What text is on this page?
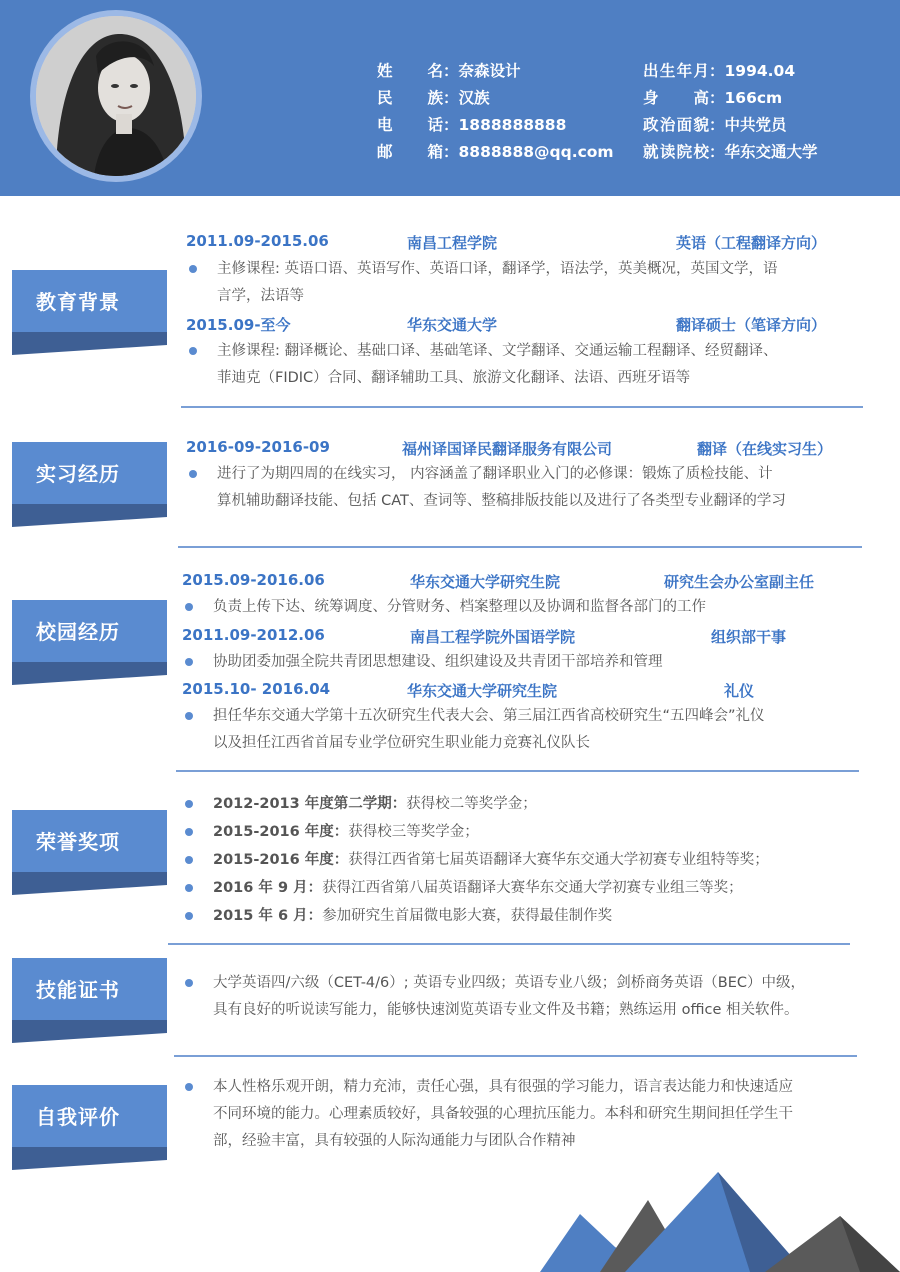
姓名：奈森设计
民族：汉族
电话：1888888888
邮箱：8888888@qq.com
出生年月：1994.04
身高：166cm
政治面貌：中共党员
就读院校：华东交通大学
教育背景
2011.09-2015.06	南昌工程学院	英语（工程翻译方向）
主修课程: 英语口语、英语写作、英语口译，翻译学，语法学，英美概况，英国文学，语
言学，法语等
2015.09-至今	华东交通大学	翻译硕士（笔译方向）
主修课程: 翻译概论、基础口译、基础笔译、文学翻译、交通运输工程翻译、经贸翻译、
菲迪克（FIDIC）合同、翻译辅助工具、旅游文化翻译、法语、西班牙语等
实习经历
2016-09-2016-09	福州译国译民翻译服务有限公司	翻译（在线实习生）
进行了为期四周的在线实习， 内容涵盖了翻译职业入门的必修课：锻炼了质检技能、计
算机辅助翻译技能、包括 CAT、查词等、整稿排版技能以及进行了各类型专业翻译的学习
校园经历
2015.09-2016.06	华东交通大学研究生院	研究生会办公室副主任
负责上传下达、统筹调度、分管财务、档案整理以及协调和监督各部门的工作
2011.09-2012.06	南昌工程学院外国语学院	组织部干事
协助团委加强全院共青团思想建设、组织建设及共青团干部培养和管理
2015.10- 2016.04	华东交通大学研究生院	礼仪
担任华东交通大学第十五次研究生代表大会、第三届江西省高校研究生“五四峰会”礼仪
以及担任江西省首届专业学位研究生职业能力竞赛礼仪队长
荣誉奖项
2012-2013 年度第二学期：获得校二等奖学金；
2015-2016 年度：获得校三等奖学金；
2015-2016 年度：获得江西省第七届英语翻译大赛华东交通大学初赛专业组特等奖；
2016 年 9 月：获得江西省第八届英语翻译大赛华东交通大学初赛专业组三等奖；
2015 年 6 月：参加研究生首届微电影大赛，获得最佳制作奖
技能证书	大学英语四/六级（CET-4/6）; 英语专业四级；英语专业八级；剑桥商务英语（BEC）中级，
具有良好的听说读写能力，能够快速浏览英语专业文件及书籍；熟练运用 office 相关软件。
自我评价
本人性格乐观开朗，精力充沛，责任心强，具有很强的学习能力，语言表达能力和快速适应
不同环境的能力。心理素质较好，具备较强的心理抗压能力。本科和研究生期间担任学生干
部，经验丰富，具有较强的人际沟通能力与团队合作精神
